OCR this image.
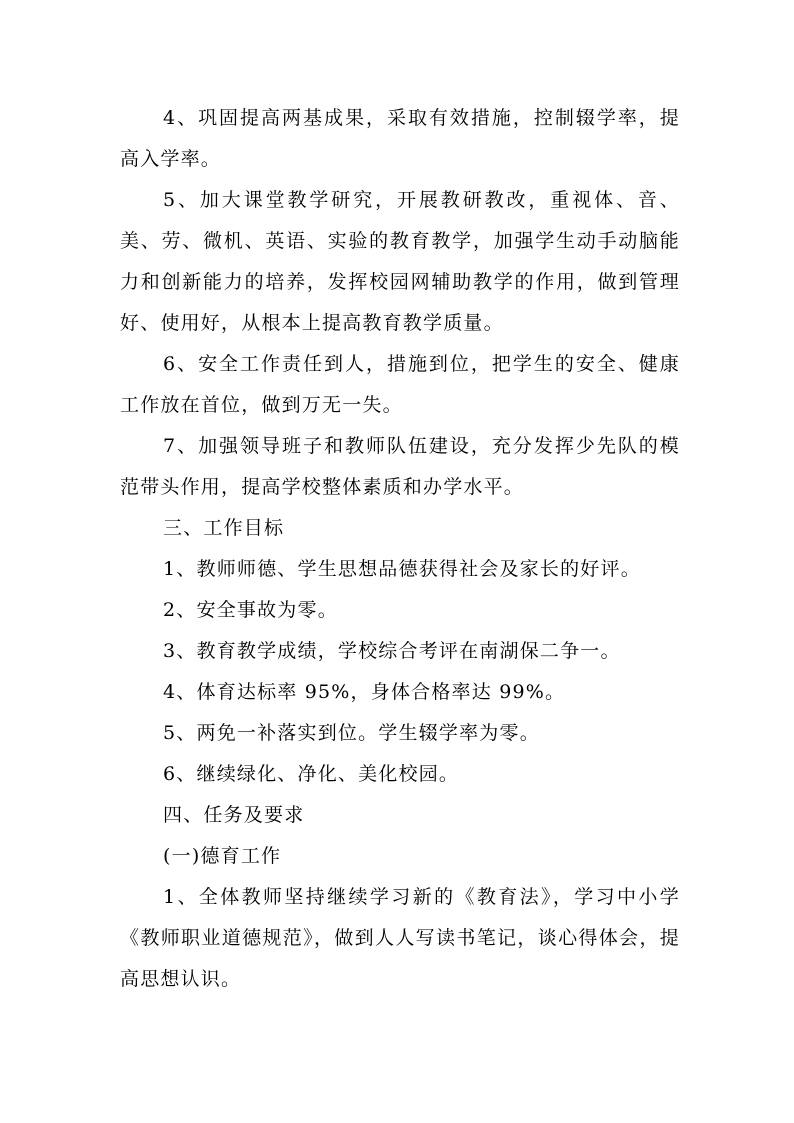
4、巩固提高两基成果，采取有效措施，控制辍学率，提高入学率。

5、加大课堂教学研究，开展教研教改，重视体、音、美、劳、微机、英语、实验的教育教学，加强学生动手动脑能力和创新能力的培养，发挥校园网辅助教学的作用，做到管理好、使用好，从根本上提高教育教学质量。

6、安全工作责任到人，措施到位，把学生的安全、健康工作放在首位，做到万无一失。

7、加强领导班子和教师队伍建设，充分发挥少先队的模范带头作用，提高学校整体素质和办学水平。

三、工作目标

1、教师师德、学生思想品德获得社会及家长的好评。

2、安全事故为零。

3、教育教学成绩，学校综合考评在南湖保二争一。

4、体育达标率 95%，身体合格率达 99%。

5、两免一补落实到位。学生辍学率为零。

6、继续绿化、净化、美化校园。

四、任务及要求

(一)德育工作

1、全体教师坚持继续学习新的《教育法》，学习中小学《教师职业道德规范》，做到人人写读书笔记，谈心得体会，提高思想认识。
